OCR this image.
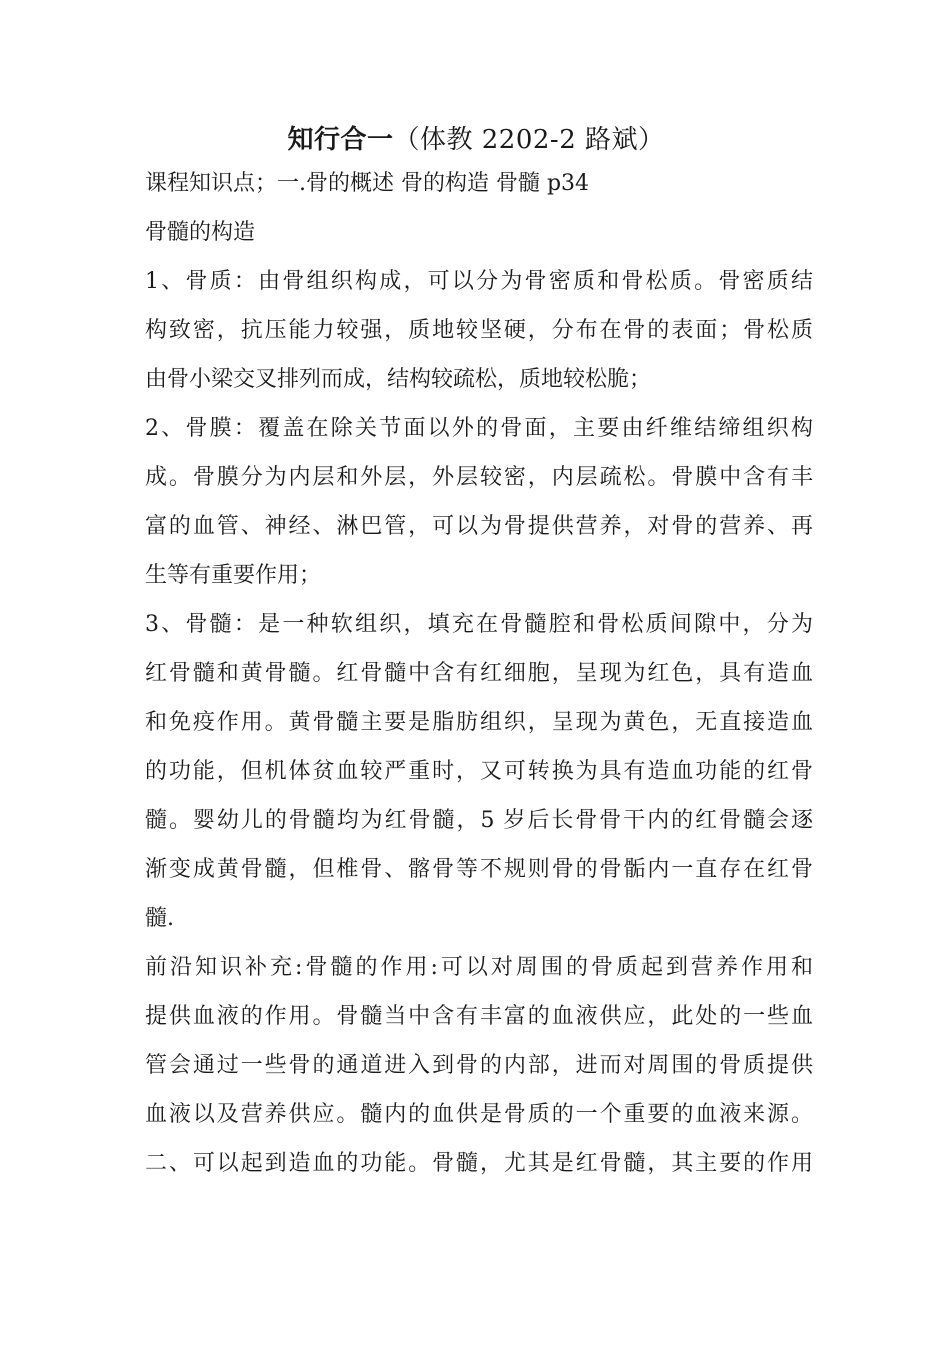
知行合一（体教 2202-2 路斌）
课程知识点；一.骨的概述 骨的构造 骨髓 p34
骨髓的构造
1、骨质：由骨组织构成，可以分为骨密质和骨松质。骨密质结
构致密，抗压能力较强，质地较坚硬，分布在骨的表面；骨松质
由骨小梁交叉排列而成，结构较疏松，质地较松脆；
2、骨膜：覆盖在除关节面以外的骨面，主要由纤维结缔组织构
成。骨膜分为内层和外层，外层较密，内层疏松。骨膜中含有丰
富的血管、神经、淋巴管，可以为骨提供营养，对骨的营养、再
生等有重要作用；
3、骨髓：是一种软组织，填充在骨髓腔和骨松质间隙中，分为
红骨髓和黄骨髓。红骨髓中含有红细胞，呈现为红色，具有造血
和免疫作用。黄骨髓主要是脂肪组织，呈现为黄色，无直接造血
的功能，但机体贫血较严重时，又可转换为具有造血功能的红骨
髓。婴幼儿的骨髓均为红骨髓，5 岁后长骨骨干内的红骨髓会逐
渐变成黄骨髓，但椎骨、髂骨等不规则骨的骨骺内一直存在红骨
髓.
前沿知识补充:骨髓的作用:可以对周围的骨质起到营养作用和
提供血液的作用。骨髓当中含有丰富的血液供应，此处的一些血
管会通过一些骨的通道进入到骨的内部，进而对周围的骨质提供
血液以及营养供应。髓内的血供是骨质的一个重要的血液来源。
二、可以起到造血的功能。骨髓，尤其是红骨髓，其主要的作用
